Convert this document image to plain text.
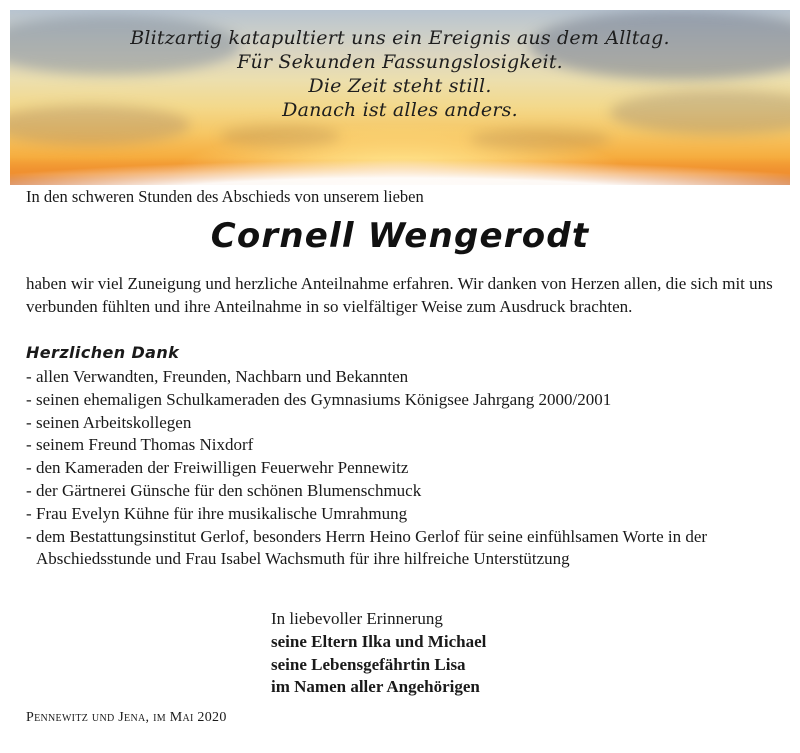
Blitzartig katapultiert uns ein Ereignis aus dem Alltag.
Für Sekunden Fassungslosigkeit.
Die Zeit steht still.
Danach ist alles anders.

In den schweren Stunden des Abschieds von unserem lieben

Cornell Wengerodt

haben wir viel Zuneigung und herzliche Anteilnahme erfahren. Wir danken von Herzen allen, die sich mit uns verbunden fühlten und ihre Anteilnahme in so vielfältiger Weise zum Ausdruck brachten.

Herzlichen Dank
- allen Verwandten, Freunden, Nachbarn und Bekannten
- seinen ehemaligen Schulkameraden des Gymnasiums Königsee Jahrgang 2000/2001
- seinen Arbeitskollegen
- seinem Freund Thomas Nixdorf
- den Kameraden der Freiwilligen Feuerwehr Pennewitz
- der Gärtnerei Günsche für den schönen Blumenschmuck
- Frau Evelyn Kühne für ihre musikalische Umrahmung
- dem Bestattungsinstitut Gerlof, besonders Herrn Heino Gerlof für seine einfühlsamen Worte in der Abschiedsstunde und Frau Isabel Wachsmuth für ihre hilfreiche Unterstützung
In liebevoller Erinnerung
seine Eltern Ilka und Michael
seine Lebensgefährtin Lisa
im Namen aller Angehörigen

Pennewitz und Jena, im Mai 2020
